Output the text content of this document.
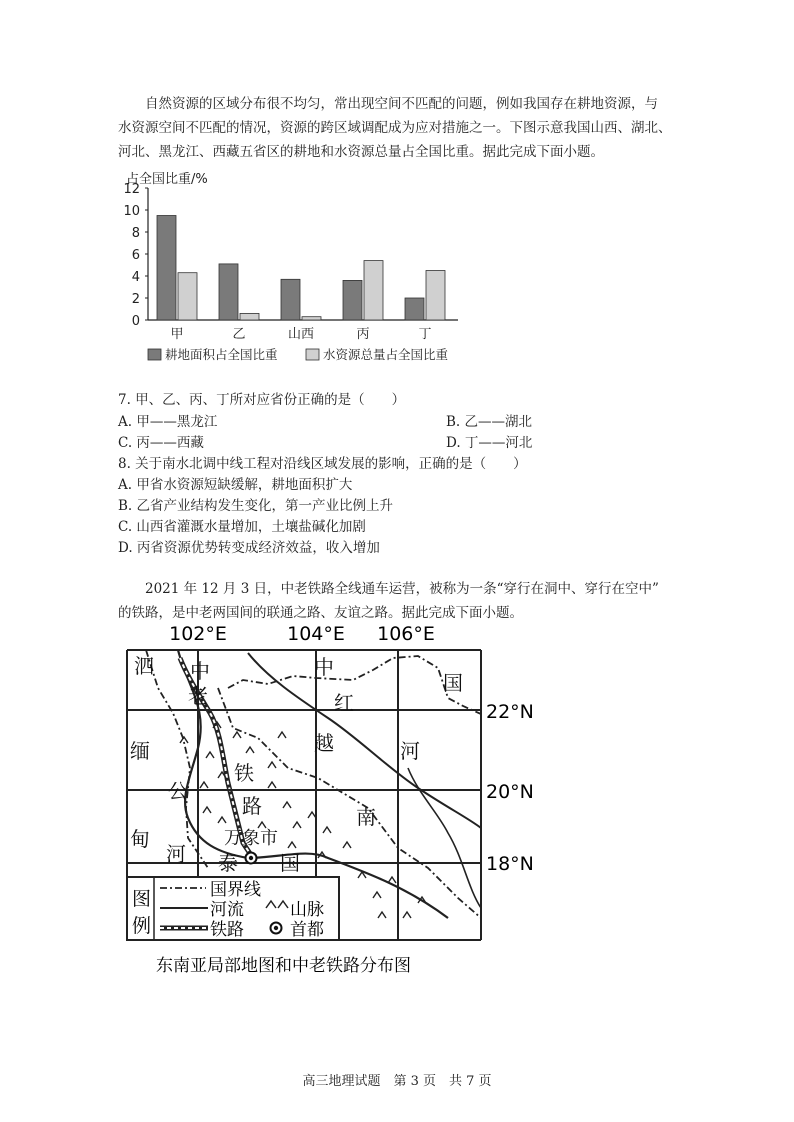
　　自然资源的区域分布很不均匀，常出现空间不匹配的问题，例如我国存在耕地资源，与
水资源空间不匹配的情况，资源的跨区域调配成为应对措施之一。下图示意我国山西、湖北、
河北、黑龙江、西藏五省区的耕地和水资源总量占全国比重。据此完成下面小题。
占全国比重/%
0
2
4
6
8
10
12
甲	乙	山西	丙	丁
耕地面积占全国比重	水资源总量占全国比重
7. 甲、乙、丙、丁所对应省份正确的是（　　）
A. 甲——黑龙江	B. 乙——湖北
C. 丙——西藏	D. 丁——河北
8. 关于南水北调中线工程对沿线区域发展的影响，正确的是（　　）
A. 甲省水资源短缺缓解，耕地面积扩大
B. 乙省产业结构发生变化，第一产业比例上升
C. 山西省灌溉水量增加，土壤盐碱化加剧
D. 丙省资源优势转变成经济效益，收入增加
　　2021 年 12 月 3 日，中老铁路全线通车运营，被称为一条“穿行在洞中、穿行在空中”
的铁路，是中老两国间的联通之路、友谊之路。据此完成下面小题。
102°E	104°E 106°E
22°N
20°N
18°N
泗 中
老
中
国
红
越	河
缅
铁
公
路	南
甸	万象市
河 泰 国
图
例
国界线
河流
铁路
山脉
首都
东南亚局部地图和中老铁路分布图
高三地理试题　第 3 页　共 7 页
